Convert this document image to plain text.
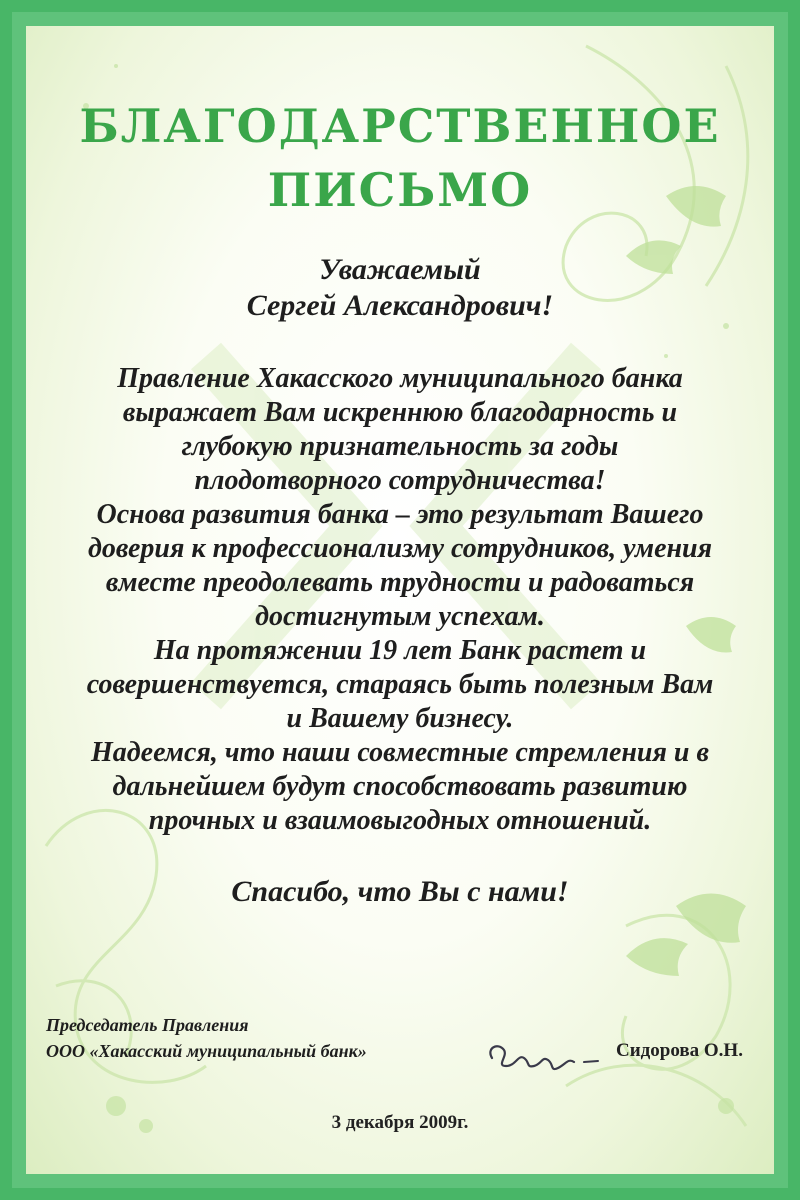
БЛАГОДАРСТВЕННОЕ
ПИСЬМО
Уважаемый
Сергей Александрович!
Правление Хакасского муниципального банка
выражает Вам искреннюю благодарность и
глубокую признательность за годы
плодотворного сотрудничества!
Основа развития банка – это результат Вашего
доверия к профессионализму сотрудников, умения
вместе преодолевать трудности и радоваться
достигнутым успехам.
На протяжении 19 лет Банк растет и
совершенствуется, стараясь быть полезным Вам
и Вашему бизнесу.
Надеемся, что наши совместные стремления и в
дальнейшем будут способствовать развитию
прочных и взаимовыгодных отношений.
Спасибо, что Вы с нами!
Председатель Правления
ООО «Хакасский муниципальный банк»	Сидорова О.Н.
3 декабря 2009г.
